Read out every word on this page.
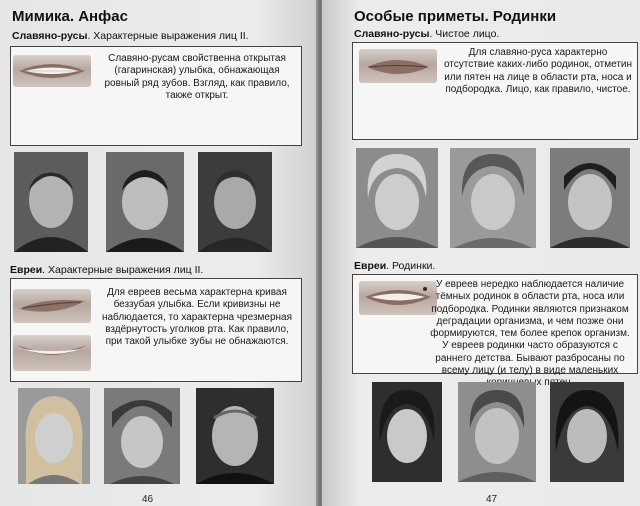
Мимика. Анфас
Славяно-русы. Характерные выражения лиц II.
Славяно-русам свойственна открытая (гагаринская) улыбка, обнажающая ровный ряд зубов. Взгляд, как правило, также открыт.
Евреи. Характерные выражения лиц II.
Для евреев весьма характерна кривая беззубая улыбка. Если кривизны не наблюдается, то характерна чрезмерная вздёрнутость уголков рта. Как правило, при такой улыбке зубы не обнажаются.
46
Особые приметы. Родинки
Славяно-русы. Чистое лицо.
Для славяно-руса характерно отсутствие каких-либо родинок, отметин или пятен на лице в области рта, носа и подбородка. Лицо, как правило, чистое.
Евреи. Родинки.
У евреев нередко наблюдается наличие тёмных родинок в области рта, носа или подбородка. Родинки являются признаком деградации организма, и чем позже они формируются, тем более крепок организм. У евреев родинки часто образуются с раннего детства. Бывают разбросаны по всему лицу (и телу) в виде маленьких
47
